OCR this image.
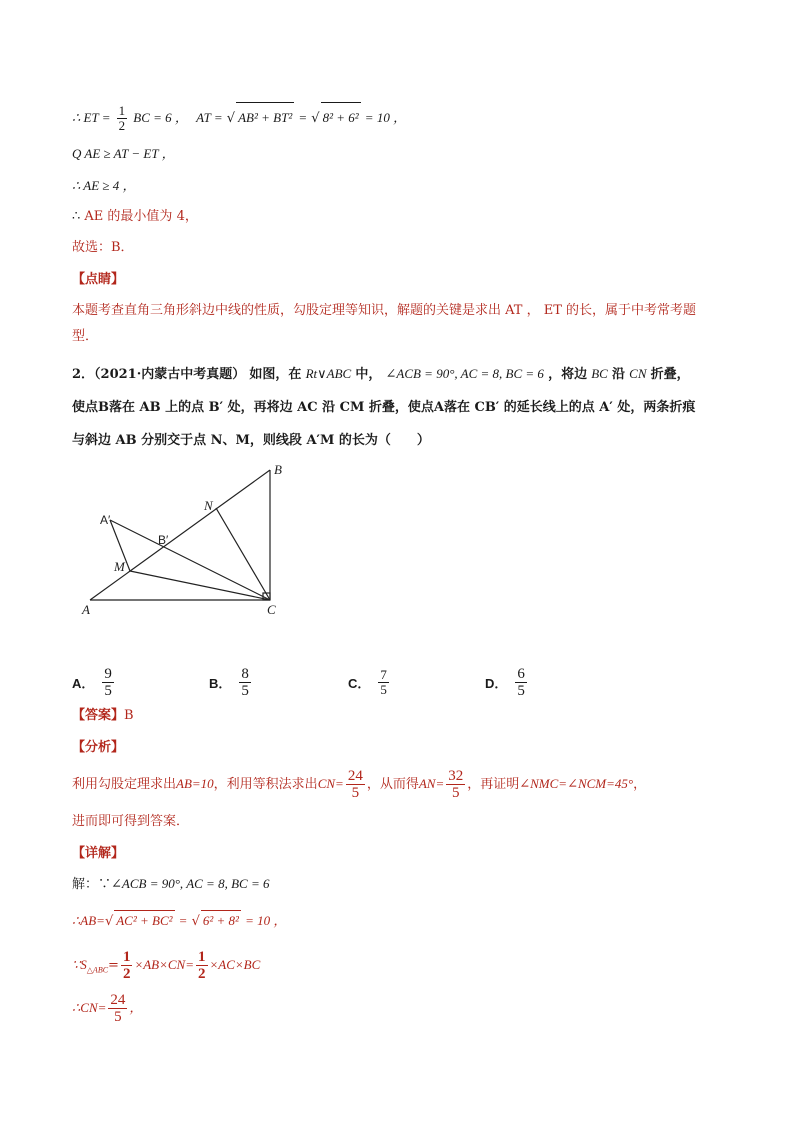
∴ ET = $\frac{1}{2}$ BC = 6 ， AT = √ AB² + BT² = √ 8² + 6² = 10 ，
Q AE ≥ AT − ET ，
∴ AE ≥ 4 ，
∴ AE 的最小值为 4，
故选：B．
【点睛】
本题考查直角三角形斜边中线的性质，勾股定理等知识，解题的关键是求出 AT ， ET 的长，属于中考常考题型．
2．（2021·内蒙古中考真题） 如图，在 Rt∨ABC 中， ∠ACB = 90°, AC = 8, BC = 6 ，将边 BC 沿 CN 折叠，
使点B落在 AB 上的点 B′ 处，再将边 AC 沿 CM 折叠，使点A落在 CB′ 的延长线上的点 A′ 处，两条折痕
与斜边 AB 分别交于点 N、M，则线段 A′M 的长为（　　）
B
N
A′
B′
M
A	C
A． $\frac{9}{5}$	B． $\frac{8}{5}$	C． $\frac{7}{5}$	D． $\frac{6}{5}$
【答案】B
【分析】
利用勾股定理求出AB=10，利用等积法求出$CN= \frac{24}{5}$ ，从而得$AN= \frac{32}{5}$ ，再证明∠NMC=∠NCM=45°，
进而即可得到答案．
【详解】
解：∵∠ACB = 90°, AC = 8, BC = 6
∴AB=√ AC² + BC² = √ 6² + 8² = 10 ，
$\because S_{\triangle ABC}= \frac{1}{2} \times AB\times CN= \frac{1}{2} \times AC\times BC$
∴CN= $\frac{24}{5}$ ，
